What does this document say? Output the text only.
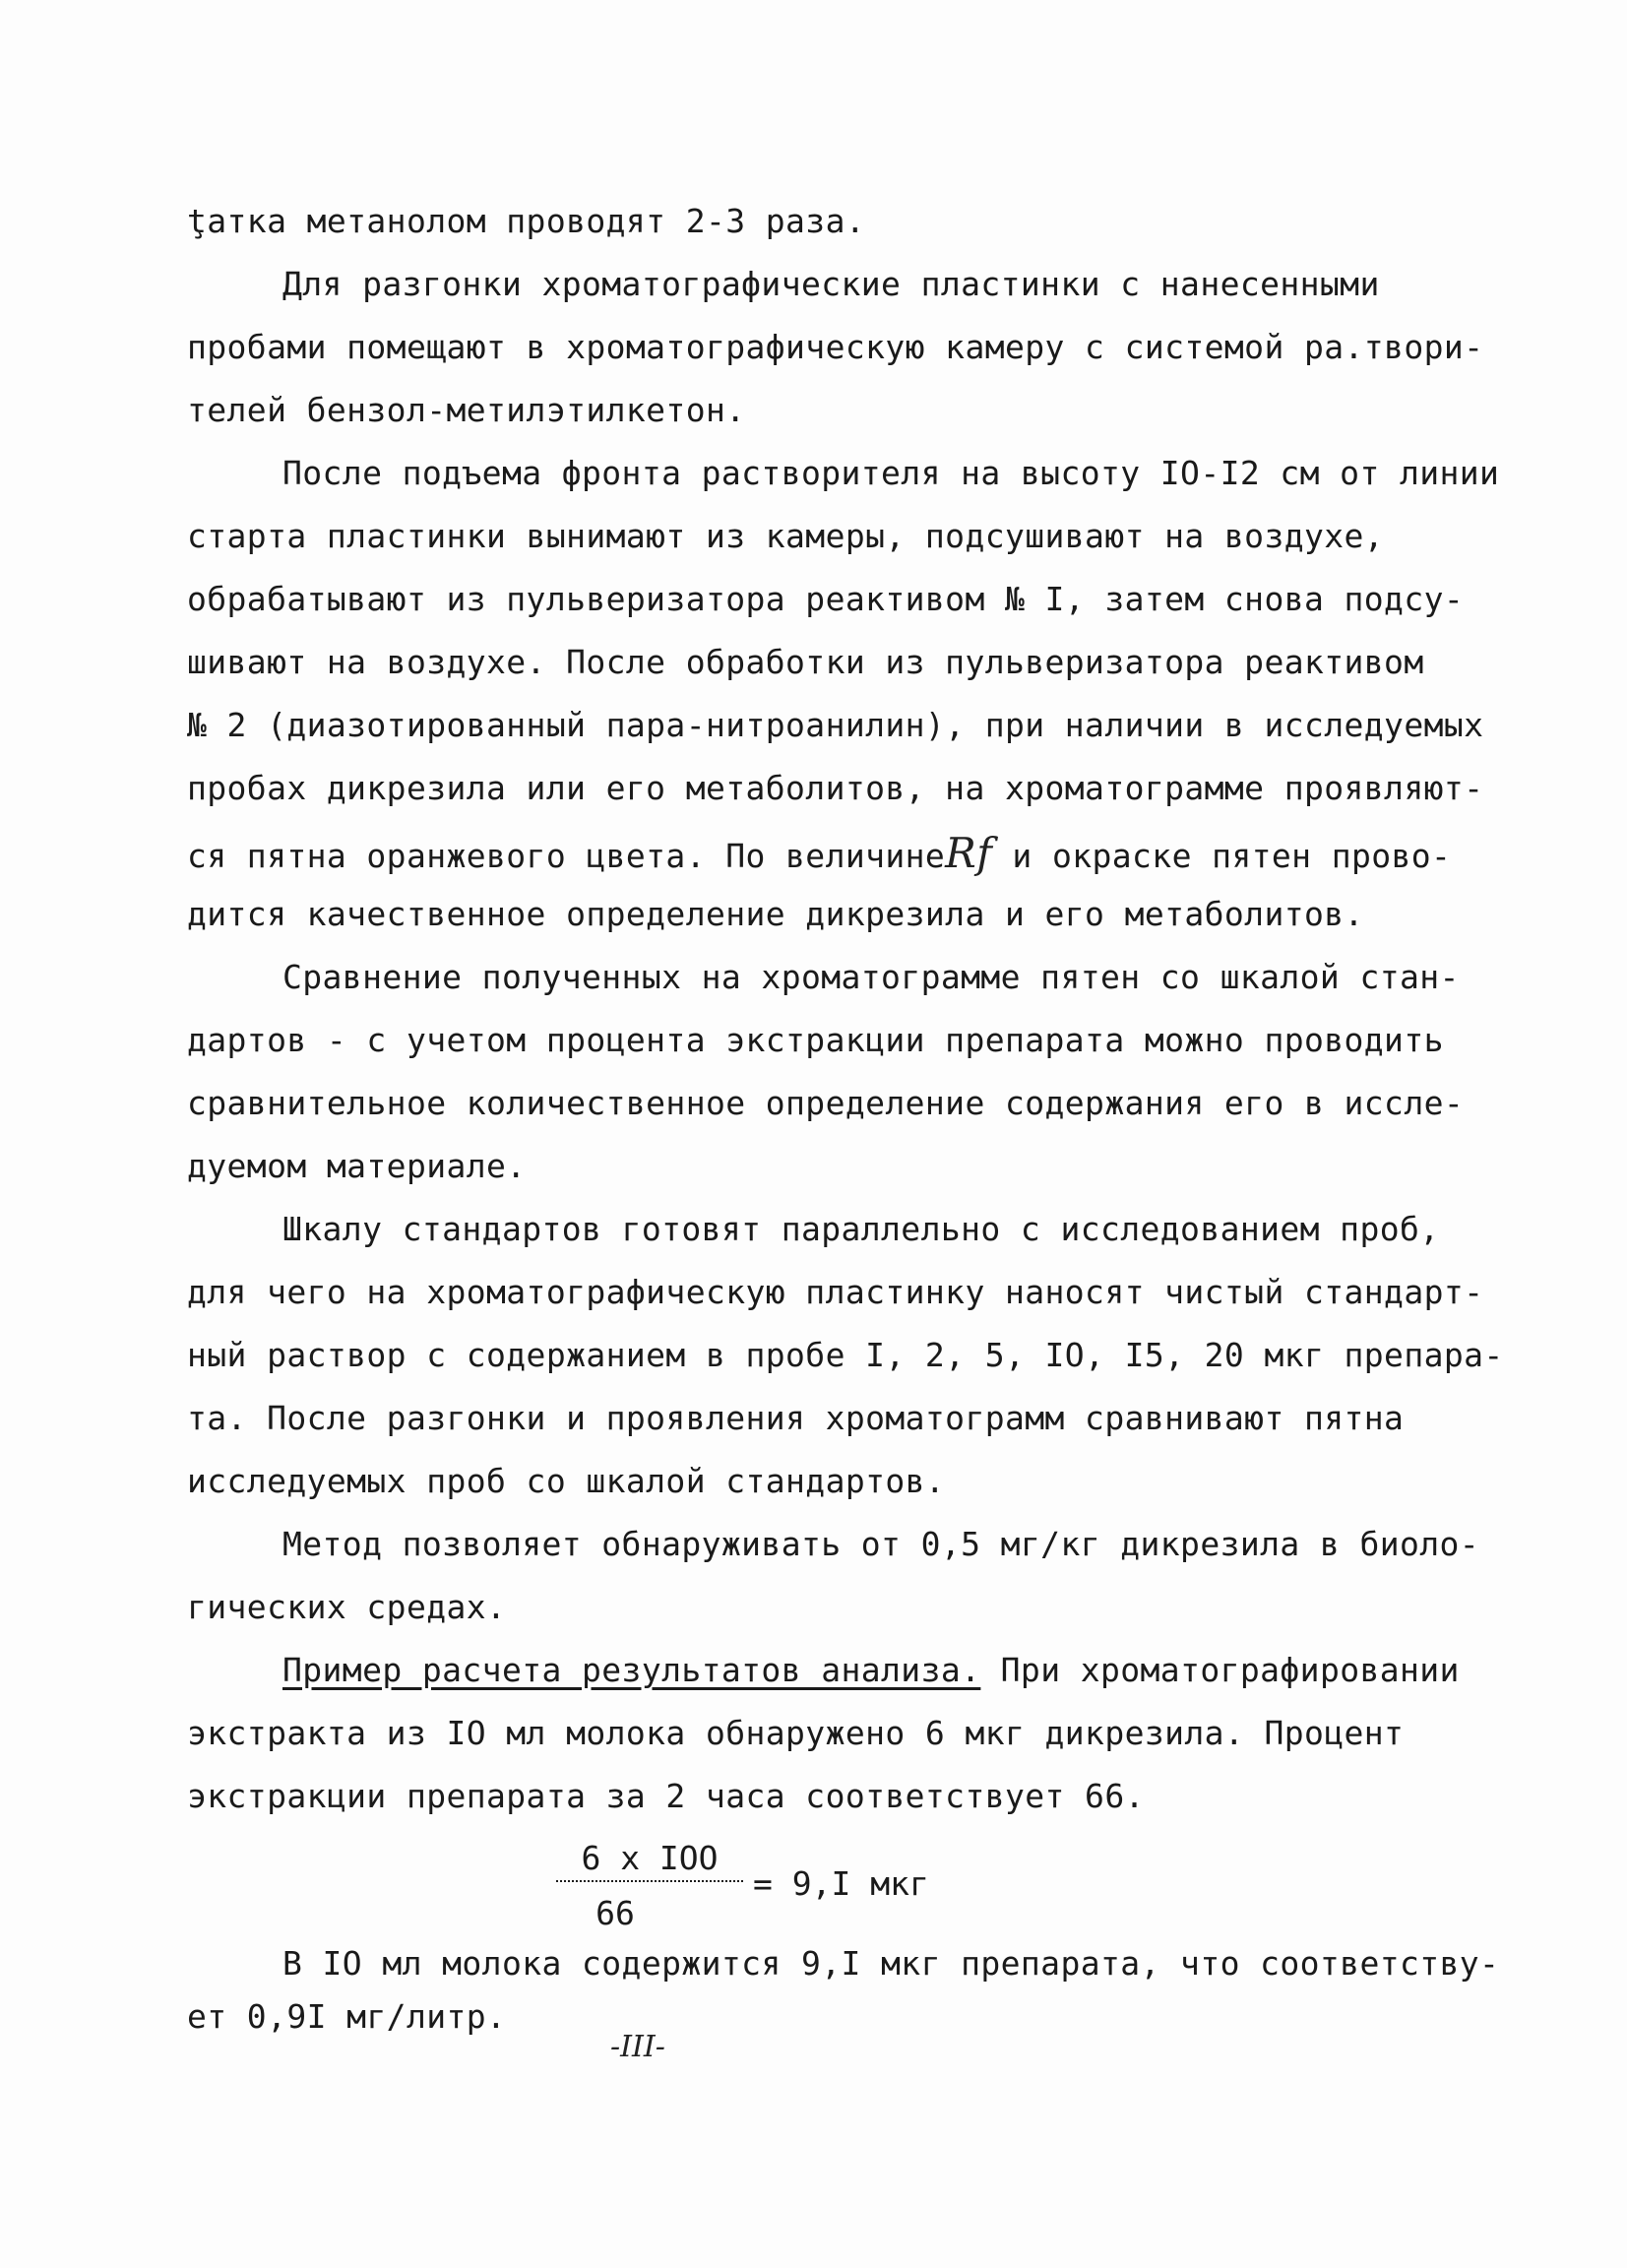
ţатка метанолом проводят 2-3 раза.
Для разгонки хроматографические пластинки с нанесенными
пробами помещают в хроматографическую камеру с системой ра.твори-
телей бензол-метилэтилкетон.
После подъема фронта растворителя на высоту IO-I2 см от линии
старта пластинки вынимают из камеры, подсушивают на воздухе,
обрабатывают из пульверизатора реактивом № I, затем снова подсу-
шивают на воздухе. После обработки из пульверизатора реактивом
№ 2 (диазотированный пара-нитроанилин), при наличии в исследуемых
пробах дикрезила или его метаболитов, на хроматограмме проявляют-
ся пятна оранжевого цвета. По величинеRf и окраске пятен прово-
дится качественное определение дикрезила и его метаболитов.
Сравнение полученных на хроматограмме пятен со шкалой стан-
дартов - с учетом процента экстракции препарата можно проводить
сравнительное количественное определение содержания его в иссле-
дуемом материале.
Шкалу стандартов готовят параллельно с исследованием проб,
для чего на хроматографическую пластинку наносят чистый стандарт-
ный раствор с содержанием в пробе I, 2, 5, IO, I5, 20 мкг препара-
та. После разгонки и проявления хроматограмм сравнивают пятна
исследуемых проб со шкалой стандартов.
Метод позволяет обнаруживать от 0,5 мг/кг дикрезила в биоло-
гических средах.
Пример расчета результатов анализа. При хроматографировании
экстракта из IO мл молока обнаружено 6 мкг дикрезила. Процент
экстракции препарата за 2 часа соответствует 66.
6 x IOO
66
= 9,I мкг
В IO мл молока содержится 9,I мкг препарата, что соответству-
ет 0,9I мг/литр.
-III-
